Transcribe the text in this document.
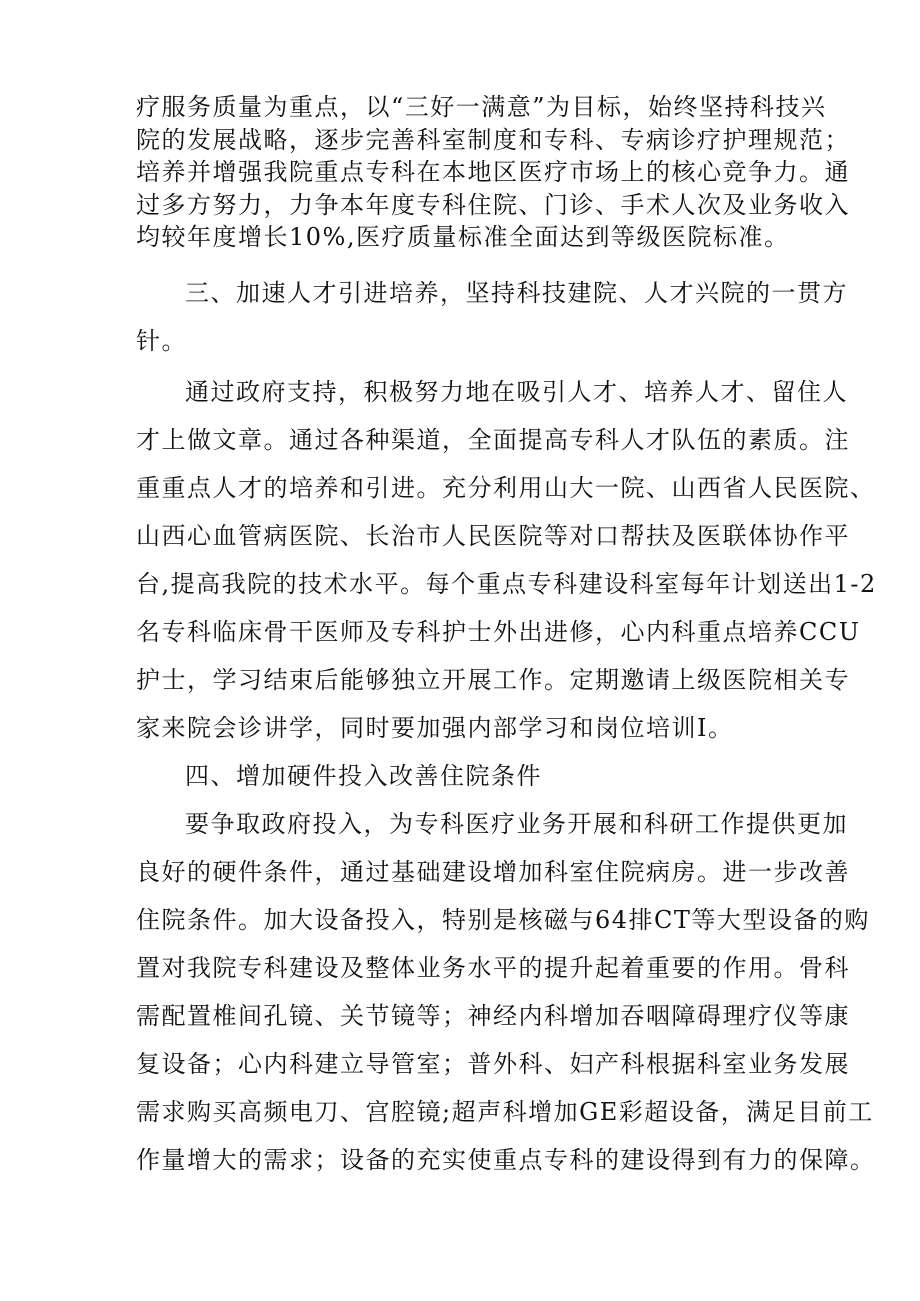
疗服务质量为重点，以“三好一满意”为目标，始终坚持科技兴
院的发展战略，逐步完善科室制度和专科、专病诊疗护理规范；
培养并增强我院重点专科在本地区医疗市场上的核心竞争力。通
过多方努力，力争本年度专科住院、门诊、手术人次及业务收入
均较年度增长10%,医疗质量标准全面达到等级医院标准。
三、加速人才引进培养，坚持科技建院、人才兴院的一贯方
针。
通过政府支持，积极努力地在吸引人才、培养人才、留住人
才上做文章。通过各种渠道，全面提高专科人才队伍的素质。注
重重点人才的培养和引进。充分利用山大一院、山西省人民医院、
山西心血管病医院、长治市人民医院等对口帮扶及医联体协作平
台,提高我院的技术水平。每个重点专科建设科室每年计划送出1-2
名专科临床骨干医师及专科护士外出进修，心内科重点培养CCU
护士，学习结束后能够独立开展工作。定期邀请上级医院相关专
家来院会诊讲学，同时要加强内部学习和岗位培训I。
四、增加硬件投入改善住院条件
要争取政府投入，为专科医疗业务开展和科研工作提供更加
良好的硬件条件，通过基础建设增加科室住院病房。进一步改善
住院条件。加大设备投入，特别是核磁与64排CT等大型设备的购
置对我院专科建设及整体业务水平的提升起着重要的作用。骨科
需配置椎间孔镜、关节镜等；神经内科增加吞咽障碍理疗仪等康
复设备；心内科建立导管室；普外科、妇产科根据科室业务发展
需求购买高频电刀、宫腔镜;超声科增加GE彩超设备，满足目前工
作量增大的需求；设备的充实使重点专科的建设得到有力的保障。
